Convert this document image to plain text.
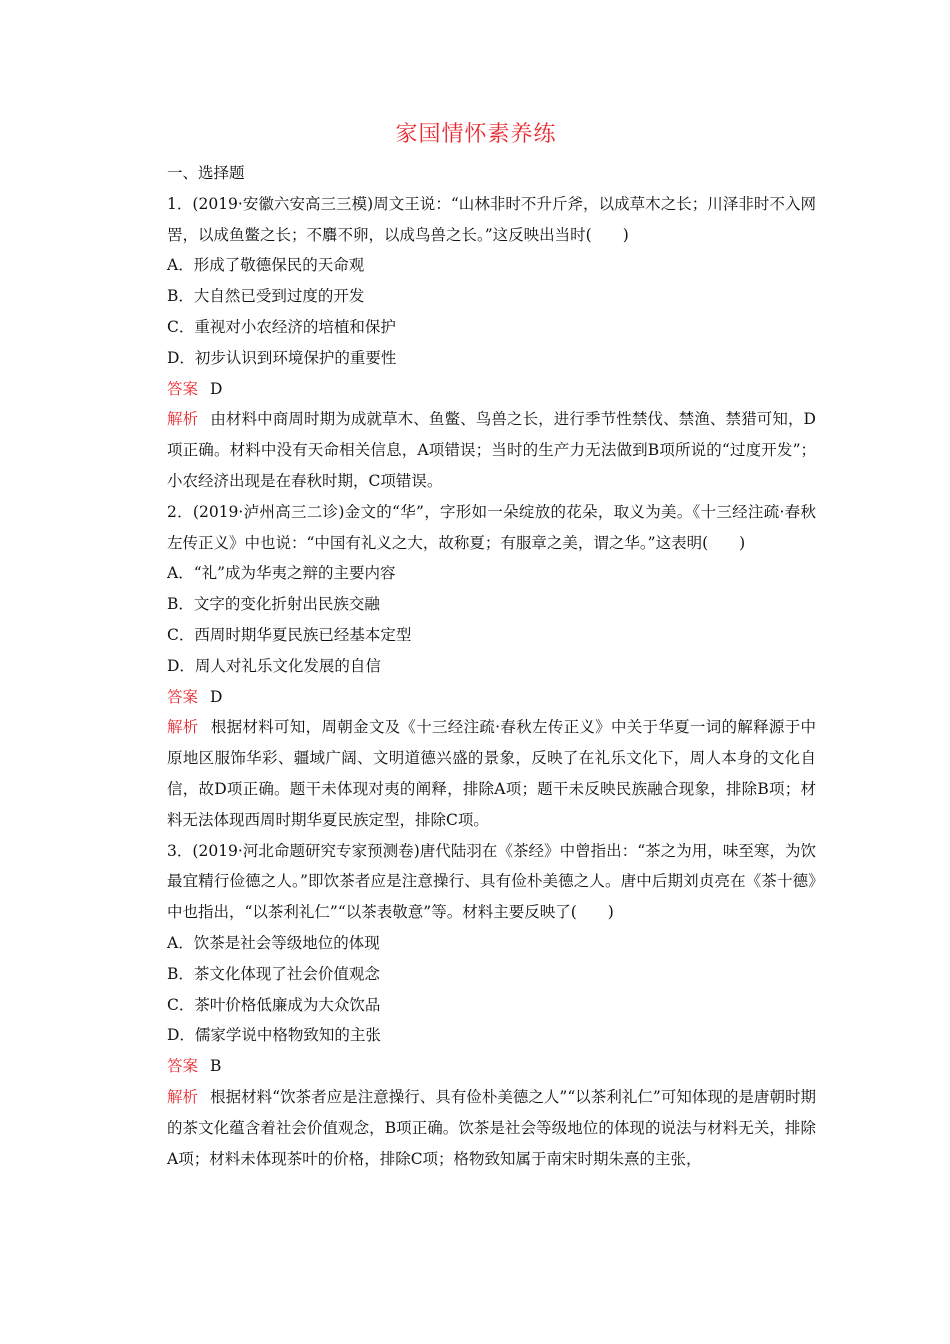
家国情怀素养练
一、选择题
1．(2019·安徽六安高三三模)周文王说：“山林非时不升斤斧，以成草木之长；川泽非时不入网罟，以成鱼鳖之长；不麛不卵，以成鸟兽之长。”这反映出当时(　　)
A．形成了敬德保民的天命观
B．大自然已受到过度的开发
C．重视对小农经济的培植和保护
D．初步认识到环境保护的重要性
答案 D
解析 由材料中商周时期为成就草木、鱼鳖、鸟兽之长，进行季节性禁伐、禁渔、禁猎可知，D项正确。材料中没有天命相关信息，A项错误；当时的生产力无法做到B项所说的“过度开发”；小农经济出现是在春秋时期，C项错误。
2．(2019·泸州高三二诊)金文的“华”，字形如一朵绽放的花朵，取义为美。《十三经注疏·春秋左传正义》中也说：“中国有礼义之大，故称夏；有服章之美，谓之华。”这表明(　　)
A．“礼”成为华夷之辩的主要内容
B．文字的变化折射出民族交融
C．西周时期华夏民族已经基本定型
D．周人对礼乐文化发展的自信
答案 D
解析 根据材料可知，周朝金文及《十三经注疏·春秋左传正义》中关于华夏一词的解释源于中原地区服饰华彩、疆域广阔、文明道德兴盛的景象，反映了在礼乐文化下，周人本身的文化自信，故D项正确。题干未体现对夷的阐释，排除A项；题干未反映民族融合现象，排除B项；材料无法体现西周时期华夏民族定型，排除C项。
3．(2019·河北命题研究专家预测卷)唐代陆羽在《茶经》中曾指出：“茶之为用，味至寒，为饮最宜精行俭德之人。”即饮茶者应是注意操行、具有俭朴美德之人。唐中后期刘贞亮在《茶十德》中也指出，“以茶利礼仁”“以茶表敬意”等。材料主要反映了(　　)
A．饮茶是社会等级地位的体现
B．茶文化体现了社会价值观念
C．茶叶价格低廉成为大众饮品
D．儒家学说中格物致知的主张
答案 B
解析 根据材料“饮茶者应是注意操行、具有俭朴美德之人”“以茶利礼仁”可知体现的是唐朝时期的茶文化蕴含着社会价值观念，B项正确。饮茶是社会等级地位的体现的说法与材料无关，排除A项；材料未体现茶叶的价格，排除C项；格物致知属于南宋时期朱熹的主张，
